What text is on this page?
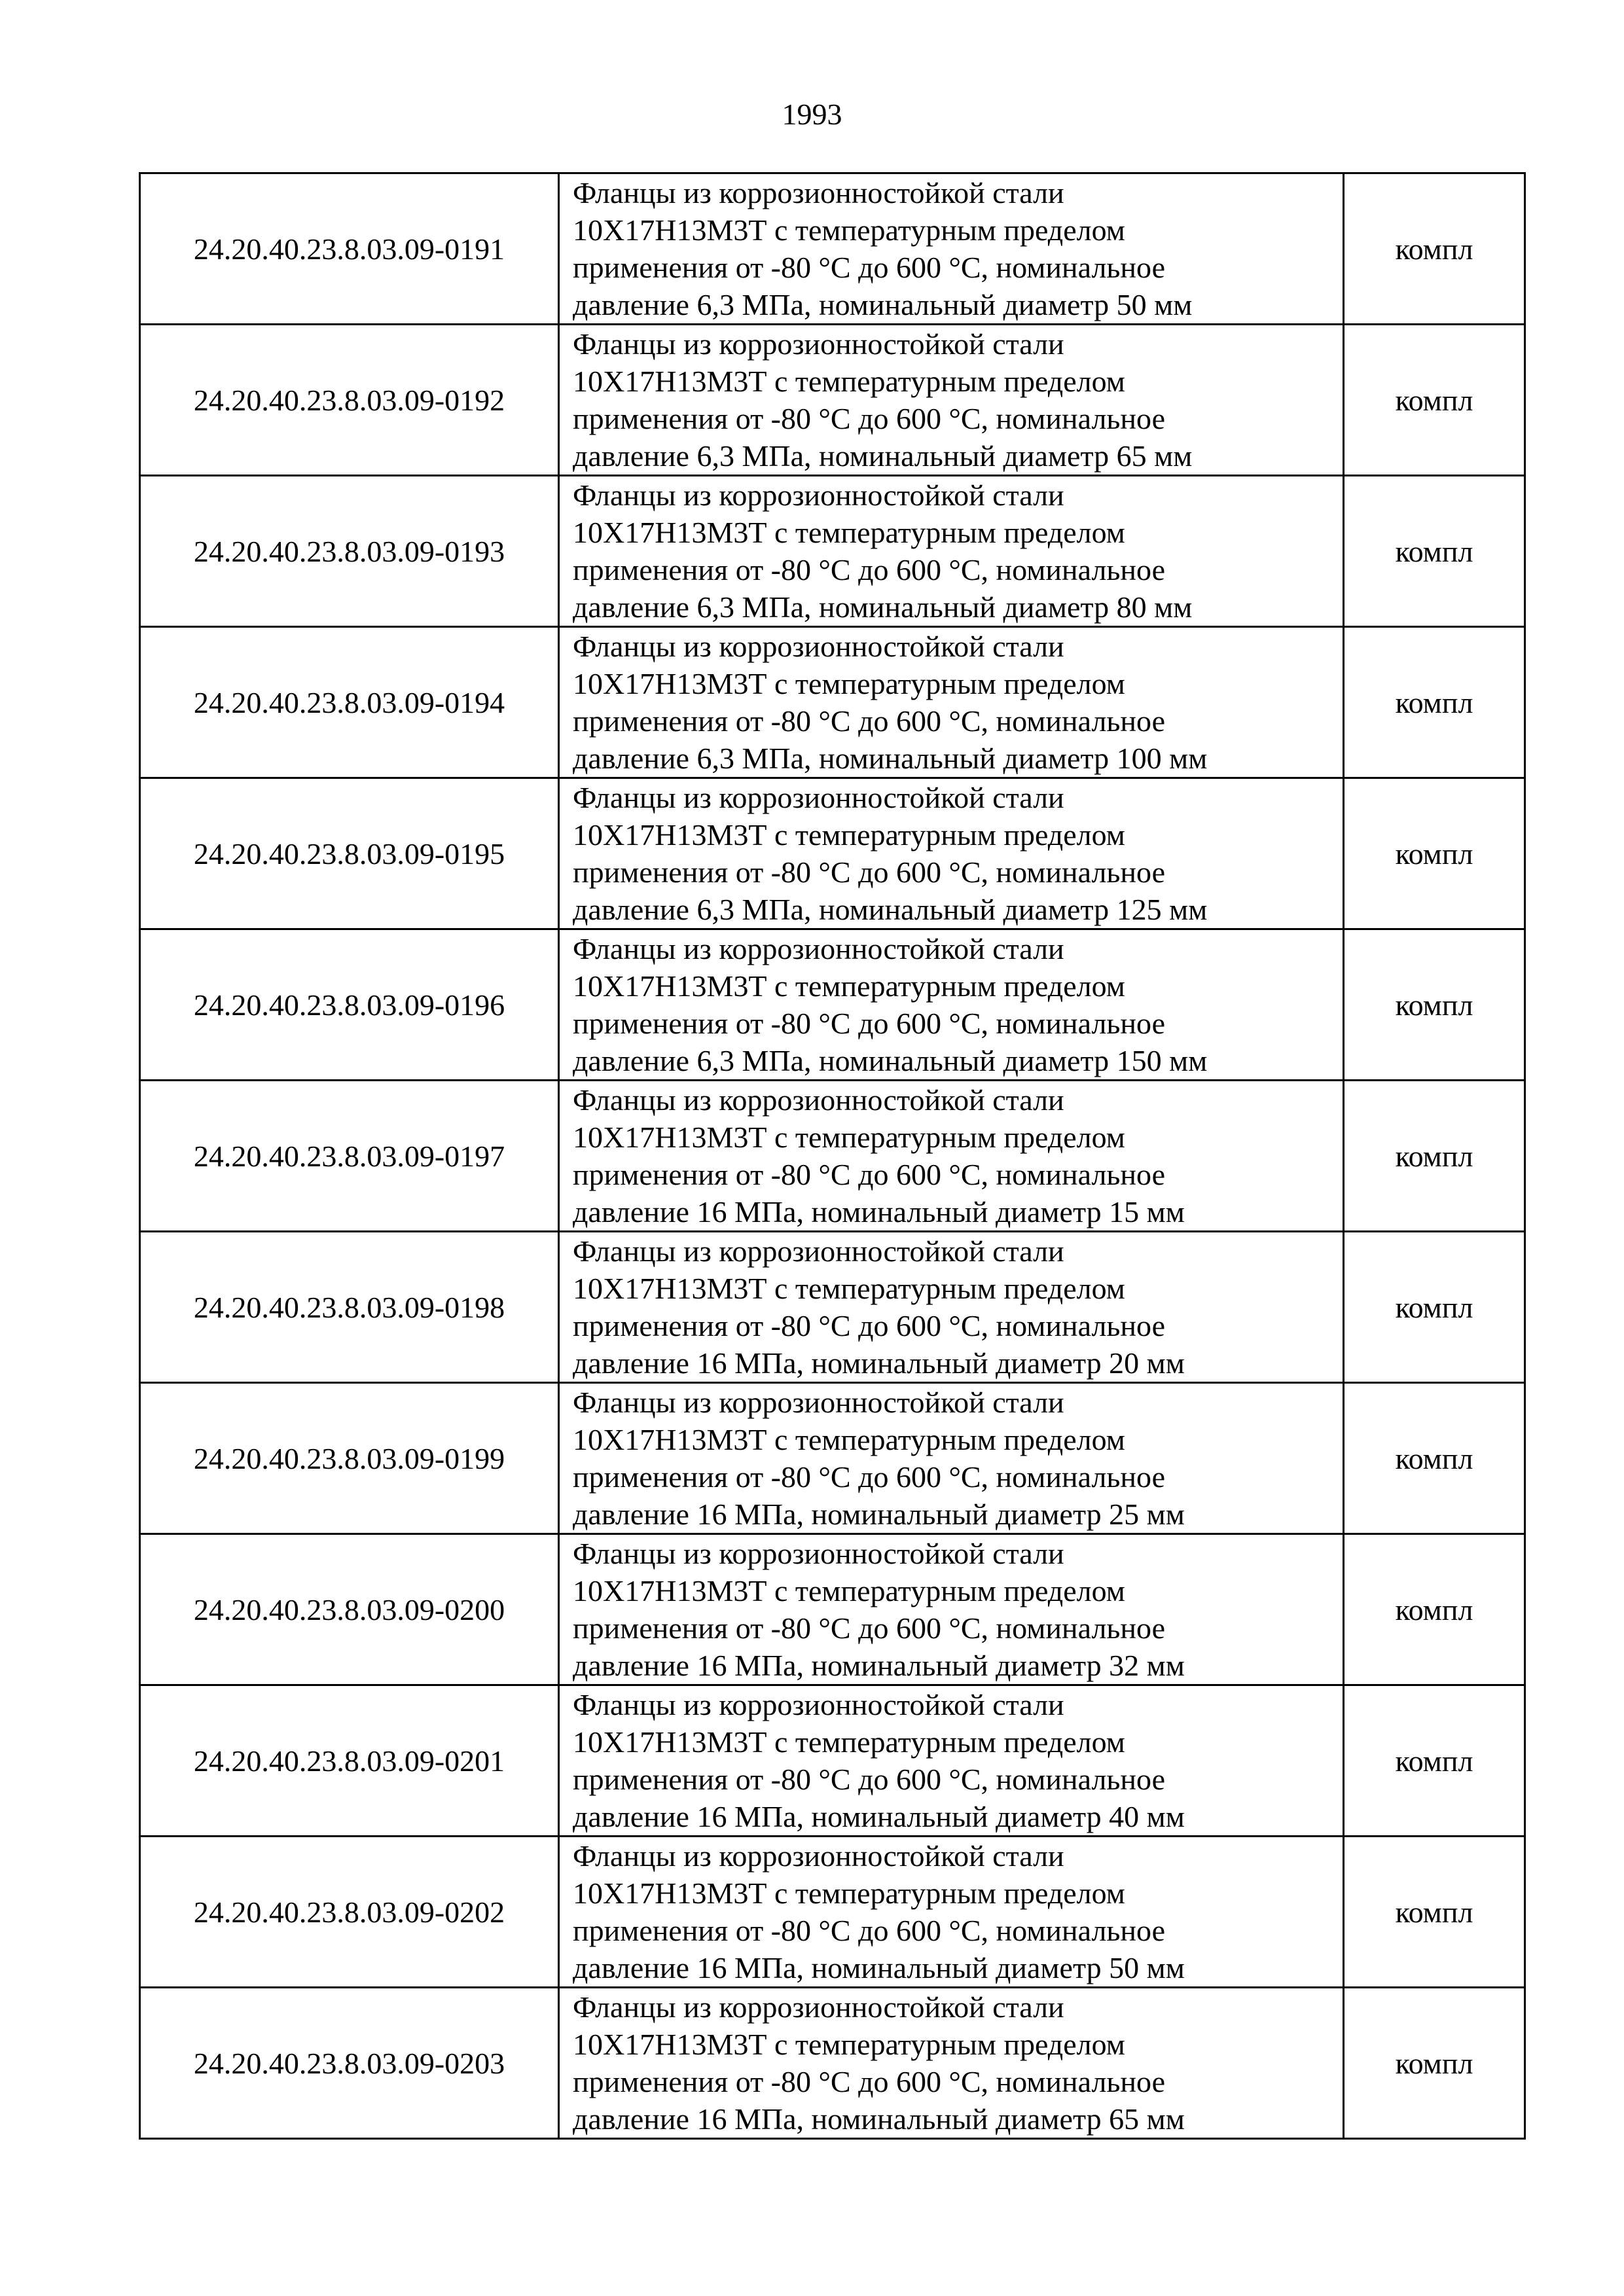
1993
24.20.40.23.8.03.09-0191	Фланцы из коррозионностойкой стали
10Х17Н13М3Т с температурным пределом
применения от -80 °С до 600 °С, номинальное
давление 6,3 МПа, номинальный диаметр 50 мм	компл
24.20.40.23.8.03.09-0192	Фланцы из коррозионностойкой стали
10Х17Н13М3Т с температурным пределом
применения от -80 °С до 600 °С, номинальное
давление 6,3 МПа, номинальный диаметр 65 мм	компл
24.20.40.23.8.03.09-0193	Фланцы из коррозионностойкой стали
10Х17Н13М3Т с температурным пределом
применения от -80 °С до 600 °С, номинальное
давление 6,3 МПа, номинальный диаметр 80 мм	компл
24.20.40.23.8.03.09-0194	Фланцы из коррозионностойкой стали
10Х17Н13М3Т с температурным пределом
применения от -80 °С до 600 °С, номинальное
давление 6,3 МПа, номинальный диаметр 100 мм	компл
24.20.40.23.8.03.09-0195	Фланцы из коррозионностойкой стали
10Х17Н13М3Т с температурным пределом
применения от -80 °С до 600 °С, номинальное
давление 6,3 МПа, номинальный диаметр 125 мм	компл
24.20.40.23.8.03.09-0196	Фланцы из коррозионностойкой стали
10Х17Н13М3Т с температурным пределом
применения от -80 °С до 600 °С, номинальное
давление 6,3 МПа, номинальный диаметр 150 мм	компл
24.20.40.23.8.03.09-0197	Фланцы из коррозионностойкой стали
10Х17Н13М3Т с температурным пределом
применения от -80 °С до 600 °С, номинальное
давление 16 МПа, номинальный диаметр 15 мм	компл
24.20.40.23.8.03.09-0198	Фланцы из коррозионностойкой стали
10Х17Н13М3Т с температурным пределом
применения от -80 °С до 600 °С, номинальное
давление 16 МПа, номинальный диаметр 20 мм	компл
24.20.40.23.8.03.09-0199	Фланцы из коррозионностойкой стали
10Х17Н13М3Т с температурным пределом
применения от -80 °С до 600 °С, номинальное
давление 16 МПа, номинальный диаметр 25 мм	компл
24.20.40.23.8.03.09-0200	Фланцы из коррозионностойкой стали
10Х17Н13М3Т с температурным пределом
применения от -80 °С до 600 °С, номинальное
давление 16 МПа, номинальный диаметр 32 мм	компл
24.20.40.23.8.03.09-0201	Фланцы из коррозионностойкой стали
10Х17Н13М3Т с температурным пределом
применения от -80 °С до 600 °С, номинальное
давление 16 МПа, номинальный диаметр 40 мм	компл
24.20.40.23.8.03.09-0202	Фланцы из коррозионностойкой стали
10Х17Н13М3Т с температурным пределом
применения от -80 °С до 600 °С, номинальное
давление 16 МПа, номинальный диаметр 50 мм	компл
24.20.40.23.8.03.09-0203	Фланцы из коррозионностойкой стали
10Х17Н13М3Т с температурным пределом
применения от -80 °С до 600 °С, номинальное
давление 16 МПа, номинальный диаметр 65 мм	компл
